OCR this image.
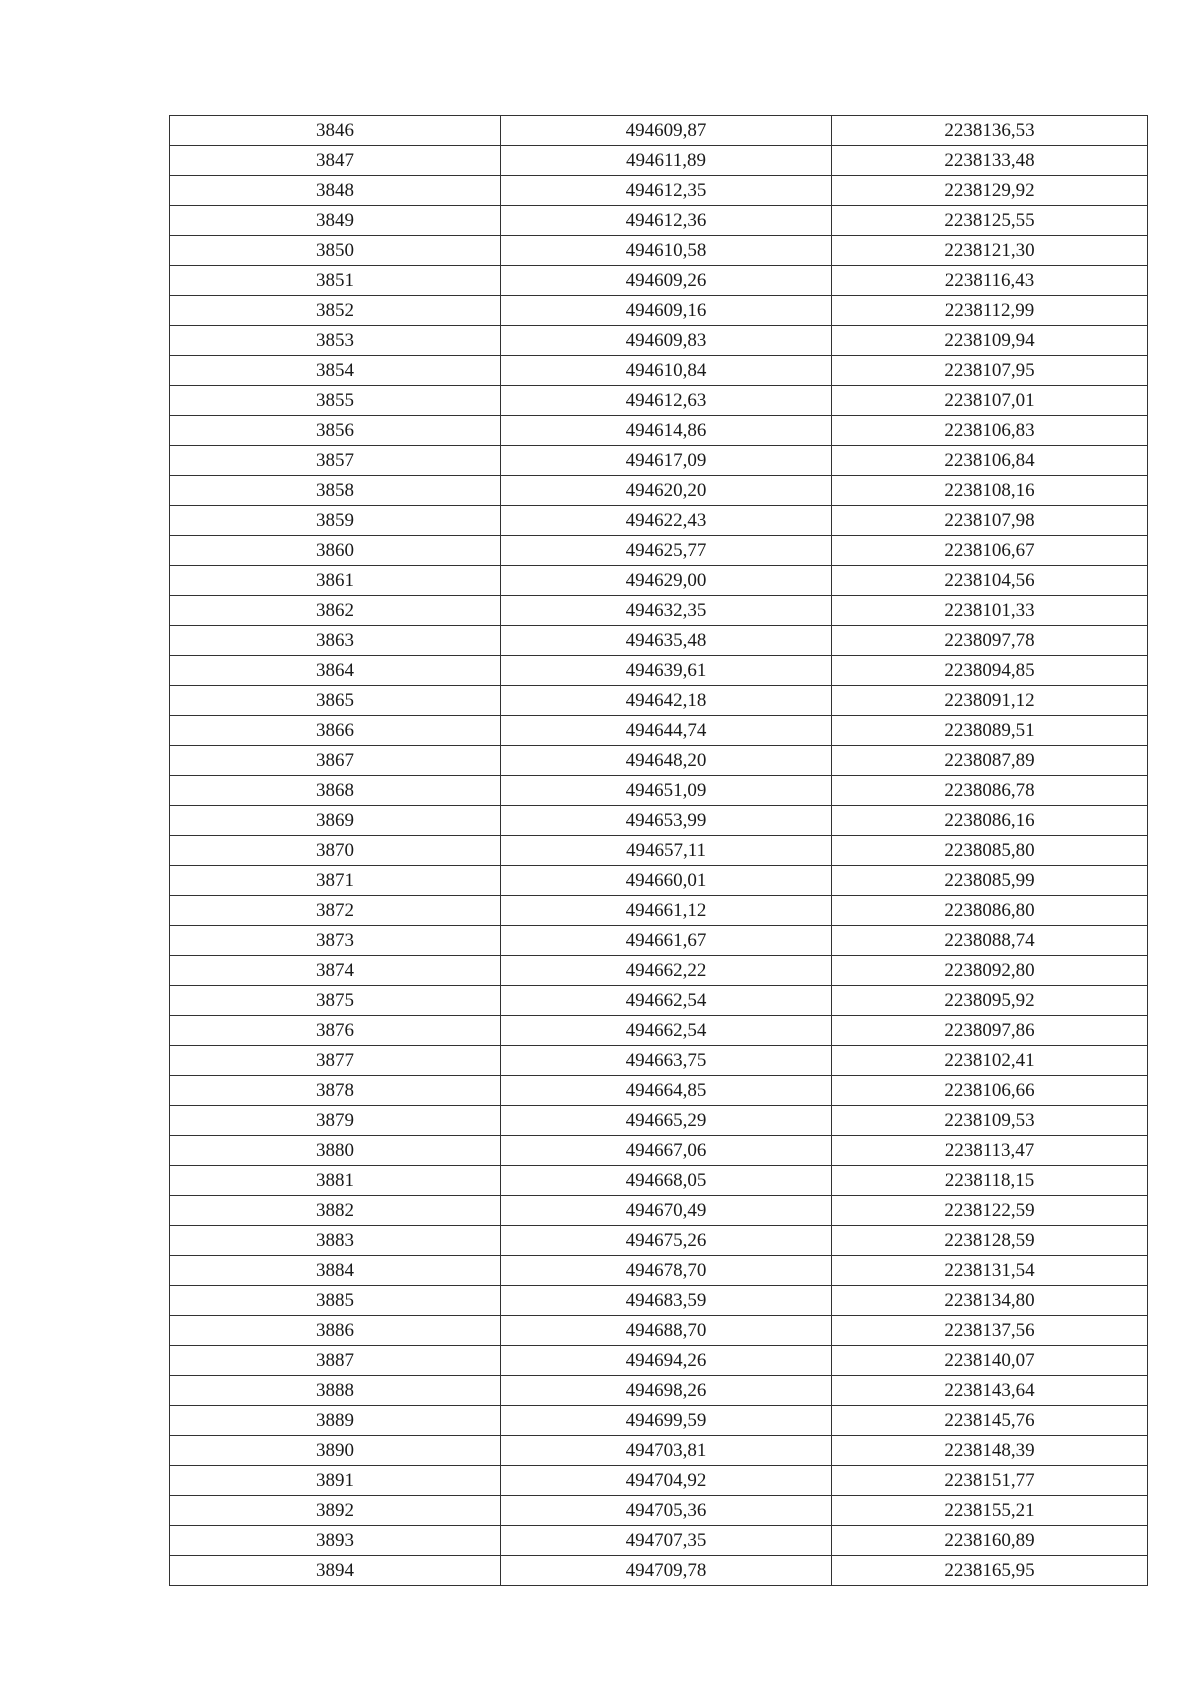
3846	494609,87	2238136,53
3847	494611,89	2238133,48
3848	494612,35	2238129,92
3849	494612,36	2238125,55
3850	494610,58	2238121,30
3851	494609,26	2238116,43
3852	494609,16	2238112,99
3853	494609,83	2238109,94
3854	494610,84	2238107,95
3855	494612,63	2238107,01
3856	494614,86	2238106,83
3857	494617,09	2238106,84
3858	494620,20	2238108,16
3859	494622,43	2238107,98
3860	494625,77	2238106,67
3861	494629,00	2238104,56
3862	494632,35	2238101,33
3863	494635,48	2238097,78
3864	494639,61	2238094,85
3865	494642,18	2238091,12
3866	494644,74	2238089,51
3867	494648,20	2238087,89
3868	494651,09	2238086,78
3869	494653,99	2238086,16
3870	494657,11	2238085,80
3871	494660,01	2238085,99
3872	494661,12	2238086,80
3873	494661,67	2238088,74
3874	494662,22	2238092,80
3875	494662,54	2238095,92
3876	494662,54	2238097,86
3877	494663,75	2238102,41
3878	494664,85	2238106,66
3879	494665,29	2238109,53
3880	494667,06	2238113,47
3881	494668,05	2238118,15
3882	494670,49	2238122,59
3883	494675,26	2238128,59
3884	494678,70	2238131,54
3885	494683,59	2238134,80
3886	494688,70	2238137,56
3887	494694,26	2238140,07
3888	494698,26	2238143,64
3889	494699,59	2238145,76
3890	494703,81	2238148,39
3891	494704,92	2238151,77
3892	494705,36	2238155,21
3893	494707,35	2238160,89
3894	494709,78	2238165,95
